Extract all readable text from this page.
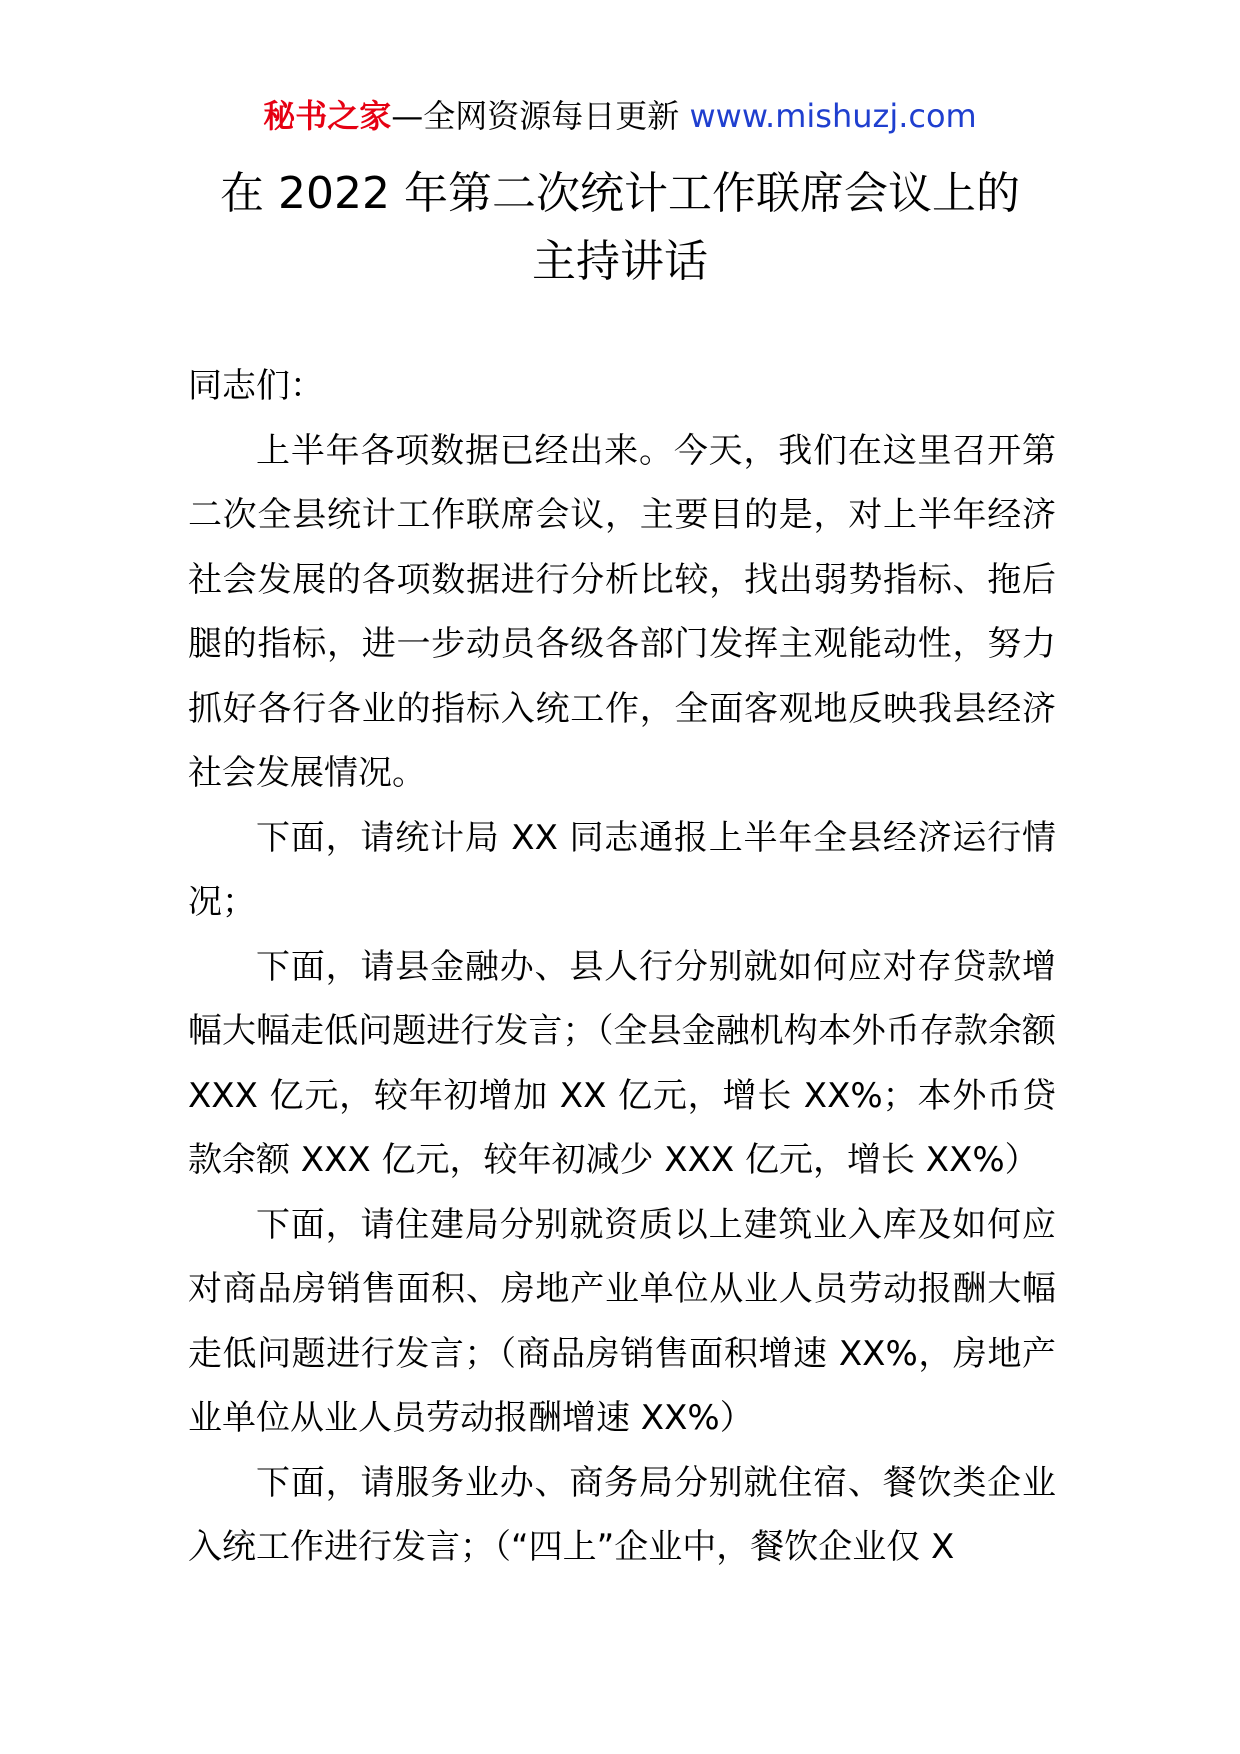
秘书之家—全网资源每日更新 www.mishuzj.com
在 2022 年第二次统计工作联席会议上的
主持讲话

同志们：

上半年各项数据已经出来。今天，我们在这里召开第二次全县统计工作联席会议，主要目的是，对上半年经济社会发展的各项数据进行分析比较，找出弱势指标、拖后腿的指标，进一步动员各级各部门发挥主观能动性，努力抓好各行各业的指标入统工作，全面客观地反映我县经济社会发展情况。

下面，请统计局 XX 同志通报上半年全县经济运行情况；

下面，请县金融办、县人行分别就如何应对存贷款增幅大幅走低问题进行发言；（全县金融机构本外币存款余额 XXX 亿元，较年初增加 XX 亿元，增长 XX%；本外币贷款余额 XXX 亿元，较年初减少 XXX 亿元，增长 XX%）

下面，请住建局分别就资质以上建筑业入库及如何应对商品房销售面积、房地产业单位从业人员劳动报酬大幅走低问题进行发言；（商品房销售面积增速 XX%，房地产业单位从业人员劳动报酬增速 XX%）

下面，请服务业办、商务局分别就住宿、餐饮类企业入统工作进行发言；（“四上”企业中，餐饮企业仅 X
